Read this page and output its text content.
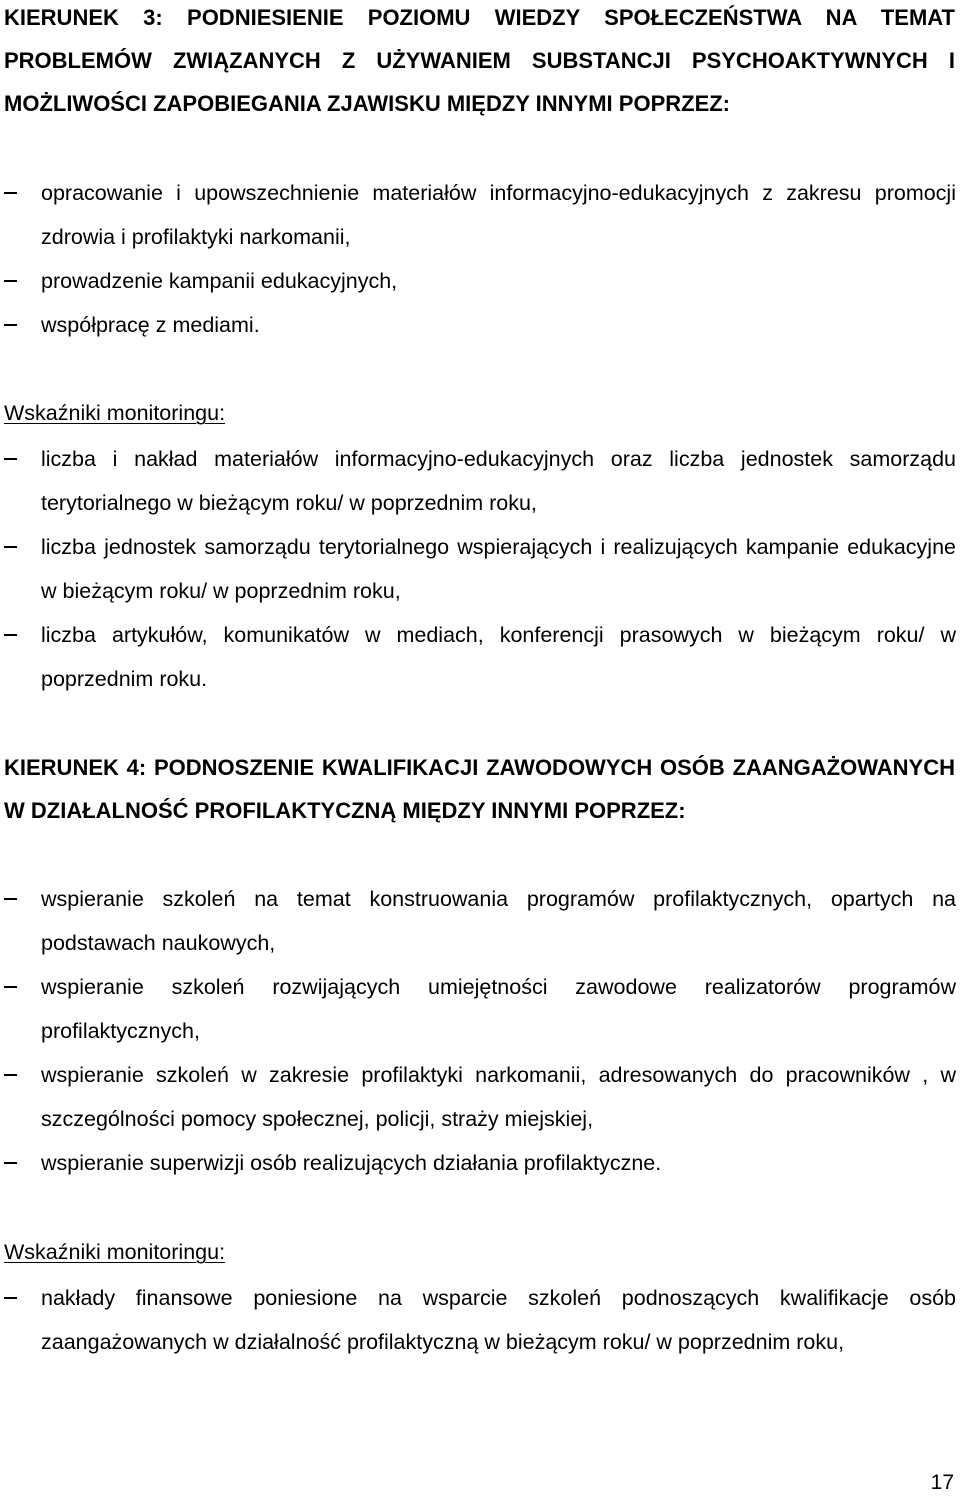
KIERUNEK 3: PODNIESIENIE POZIOMU WIEDZY SPOŁECZEŃSTWA NA TEMAT PROBLEMÓW ZWIĄZANYCH Z UŻYWANIEM SUBSTANCJI PSYCHOAKTYWNYCH I MOŻLIWOŚCI ZAPOBIEGANIA ZJAWISKU MIĘDZY INNYMI POPRZEZ:
opracowanie i upowszechnienie materiałów informacyjno-edukacyjnych z zakresu promocji zdrowia i profilaktyki narkomanii,
prowadzenie kampanii edukacyjnych,
współpracę z mediami.

Wskaźniki monitoringu:

liczba i nakład materiałów informacyjno-edukacyjnych oraz liczba jednostek samorządu terytorialnego w bieżącym roku/ w poprzednim roku,
liczba jednostek samorządu terytorialnego wspierających i realizujących kampanie edukacyjne w bieżącym roku/ w poprzednim roku,
liczba artykułów, komunikatów w mediach, konferencji prasowych w bieżącym roku/ w poprzednim roku.
KIERUNEK 4: PODNOSZENIE KWALIFIKACJI ZAWODOWYCH OSÓB ZAANGAŻOWANYCH W DZIAŁALNOŚĆ PROFILAKTYCZNĄ MIĘDZY INNYMI POPRZEZ:
wspieranie szkoleń na temat konstruowania programów profilaktycznych, opartych na podstawach naukowych,
wspieranie szkoleń rozwijających umiejętności zawodowe realizatorów programów profilaktycznych,
wspieranie szkoleń w zakresie profilaktyki narkomanii, adresowanych do pracowników , w szczególności pomocy społecznej, policji, straży miejskiej,
wspieranie superwizji osób realizujących działania profilaktyczne.

Wskaźniki monitoringu:

nakłady finansowe poniesione na wsparcie szkoleń podnoszących kwalifikacje osób zaangażowanych w działalność profilaktyczną w bieżącym roku/ w poprzednim roku,
17
